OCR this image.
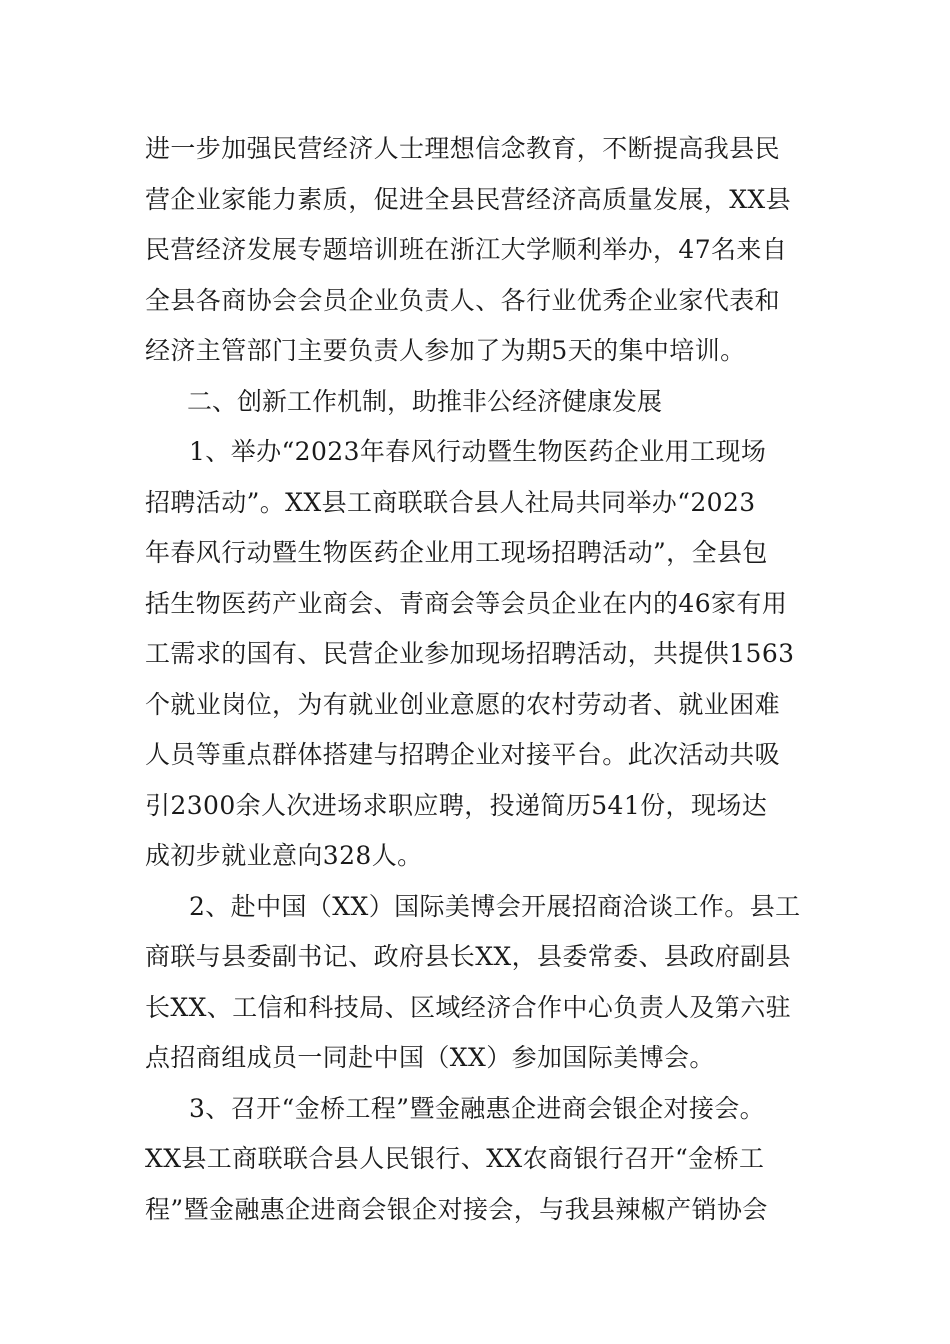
进一步加强民营经济人士理想信念教育，不断提高我县民
营企业家能力素质，促进全县民营经济高质量发展，XX县
民营经济发展专题培训班在浙江大学顺利举办，47名来自
全县各商协会会员企业负责人、各行业优秀企业家代表和
经济主管部门主要负责人参加了为期5天的集中培训。
二、创新工作机制，助推非公经济健康发展
1、举办“2023年春风行动暨生物医药企业用工现场
招聘活动”。XX县工商联联合县人社局共同举办“2023
年春风行动暨生物医药企业用工现场招聘活动”，全县包
括生物医药产业商会、青商会等会员企业在内的46家有用
工需求的国有、民营企业参加现场招聘活动，共提供1563
个就业岗位，为有就业创业意愿的农村劳动者、就业困难
人员等重点群体搭建与招聘企业对接平台。此次活动共吸
引2300余人次进场求职应聘，投递简历541份，现场达
成初步就业意向328人。
2、赴中国（XX）国际美博会开展招商洽谈工作。县工
商联与县委副书记、政府县长XX，县委常委、县政府副县
长XX、工信和科技局、区域经济合作中心负责人及第六驻
点招商组成员一同赴中国（XX）参加国际美博会。
3、召开“金桥工程”暨金融惠企进商会银企对接会。
XX县工商联联合县人民银行、XX农商银行召开“金桥工
程”暨金融惠企进商会银企对接会，与我县辣椒产销协会
